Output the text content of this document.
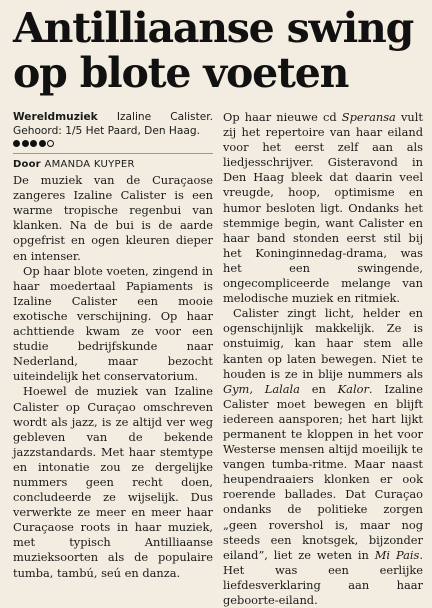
Antilliaanse swing
op blote voeten
Wereldmuziek Izaline Calister. Gehoord: 1/5 Het Paard, Den Haag.
Door AMANDA KUYPER

De muziek van de Curaçaose zangeres Izaline Calister is een warme tropische regenbui van klanken. Na de bui is de aarde opgefrist en ogen kleuren dieper en intenser.

Op haar blote voeten, zingend in haar moedertaal Papiaments is Izaline Calister een mooie exotische verschijning. Op haar achttiende kwam ze voor een studie bedrijfskunde naar Nederland, maar bezocht uiteindelijk het conservatorium.

Hoewel de muziek van Izaline Calister op Curaçao omschreven wordt als jazz, is ze altijd ver weg gebleven van de bekende jazzstandards. Met haar stemtype en intonatie zou ze dergelijke nummers geen recht doen, concludeerde ze wijselijk. Dus verwerkte ze meer en meer haar Curaçaose roots in haar muziek, met typisch Antilliaanse muzieksoorten als de populaire tumba, tambú, seú en danza.

Op haar nieuwe cd Speransa vult zij het repertoire van haar eiland voor het eerst zelf aan als liedjesschrijver. Gisteravond in Den Haag bleek dat daarin veel vreugde, hoop, optimisme en humor besloten ligt. Ondanks het stemmige begin, want Calister en haar band stonden eerst stil bij het Koninginnedag-drama, was het een swingende, ongecompliceerde melange van melodische muziek en ritmiek.

Calister zingt licht, helder en ogenschijnlijk makkelijk. Ze is onstuimig, kan haar stem alle kanten op laten bewegen. Niet te houden is ze in blije nummers als Gym, Lalala en Kalor. Izaline Calister moet bewegen en blijft iedereen aansporen; het hart lijkt permanent te kloppen in het voor Westerse mensen altijd moeilijk te vangen tumba-ritme. Maar naast heupendraaiers klonken er ook roerende ballades. Dat Curaçao ondanks de politieke zorgen „geen rovershol is, maar nog steeds een knotsgek, bijzonder eiland”, liet ze weten in Mi Pais. Het was een eerlijke liefdesverklaring aan haar geboorte-eiland.
